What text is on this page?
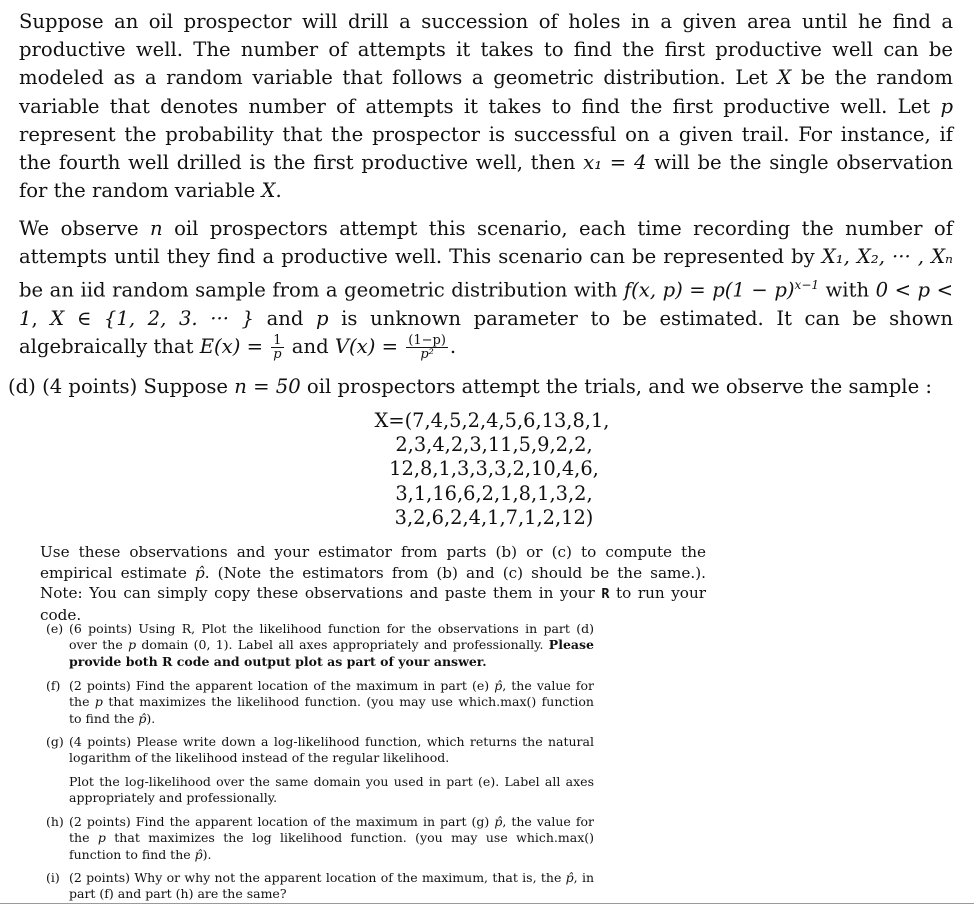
Suppose an oil prospector will drill a succession of holes in a given area until he find a productive well. The number of attempts it takes to find the first productive well can be modeled as a random variable that follows a geometric distribution. Let X be the random variable that denotes number of attempts it takes to find the first productive well. Let p represent the probability that the prospector is successful on a given trail. For instance, if the fourth well drilled is the first productive well, then x₁ = 4 will be the single observation for the random variable X.

We observe n oil prospectors attempt this scenario, each time recording the number of attempts until they find a productive well. This scenario can be represented by X₁, X₂, ··· , Xₙ be an iid random sample from a geometric distribution with f(x, $p) = p(1 - p)^{x-1}$ with 0 < p < 1, X ∈ {1, 2, 3. ··· } and p is unknown parameter to be estimated. It can be shown algebraically that $E(x) = \frac{1}{p}$ and $V(x) = \frac{(1-p)}{\text{p²}}$ .

(d) (4 points) Suppose n = 50 oil prospectors attempt the trials, and we observe the sample :
X=(7,4,5,2,4,5,6,13,8,1,
2,3,4,2,3,11,5,9,2,2,
12,8,1,3,3,3,2,10,4,6,
3,1,16,6,2,1,8,1,3,2,
3,2,6,2,4,1,7,1,2,12)
Use these observations and your estimator from parts (b) or (c) to compute the empirical estimate p̂. (Note the estimators from (b) and (c) should be the same.). Note: You can simply copy these observations and paste them in your R to run your code.
(e) (6 points) Using R, Plot the likelihood function for the observations in part (d) over the p domain (0, 1). Label all axes appropriately and professionally. Please provide both R code and output plot as part of your answer.
(f) (2 points) Find the apparent location of the maximum in part (e) p̂, the value for the p that maximizes the likelihood function. (you may use which.max() function to find the p̂).
(g) (4 points) Please write down a log-likelihood function, which returns the natural logarithm of the likelihood instead of the regular likelihood.
Plot the log-likelihood over the same domain you used in part (e). Label all axes appropriately and professionally.
(h) (2 points) Find the apparent location of the maximum in part (g) p̂, the value for the p that maximizes the log likelihood function. (you may use which.max() function to find the p̂).
(i) (2 points) Why or why not the apparent location of the maximum, that is, the p̂, in part (f) and part (h) are the same?
